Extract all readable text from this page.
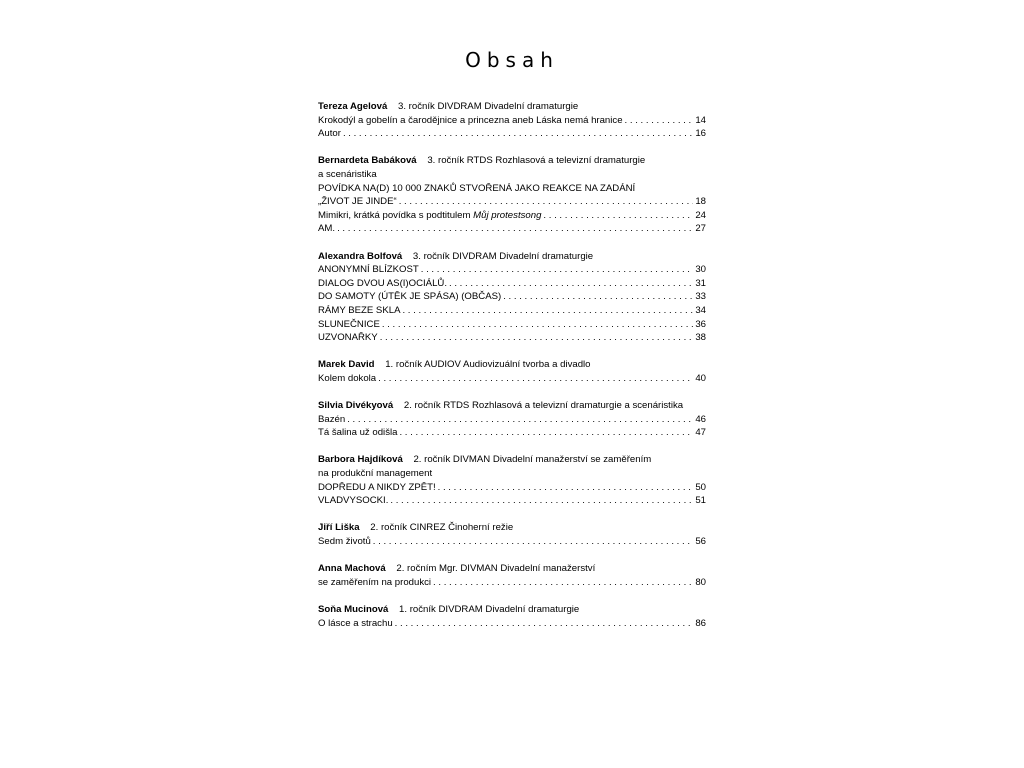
Obsah
Tereza Agelová 3. ročník DIVDRAM Divadelní dramaturgie
Krokodýl a gobelín a čarodějnice a princezna aneb Láska nemá hranice . . .	14
Autor . . .	16
Bernardeta Babáková 3. ročník RTDS Rozhlasová a televizní dramaturgie
a scenáristika
POVÍDKA NA(D) 10 000 ZNAKŮ STVOŘENÁ JAKO REAKCE NA ZADÁNÍ
„ŽIVOT JE JINDE“ . . .	18
Mimikri, krátká povídka s podtitulem Můj protestsong . . .	24
AM. . . .	27
Alexandra Bolfová 3. ročník DIVDRAM Divadelní dramaturgie
ANONYMNÍ BLÍZKOST . . .	30
DIALOG DVOU AS(I)OCIÁLŮ. . . .	31
DO SAMOTY (ÚTĚK JE SPÁSA) (OBČAS) . . .	33
RÁMY BEZE SKLA . . .	34
SLUNEČNICE . . .	36
UZVONAŘKY . . .	38
Marek David 1. ročník AUDIOV Audiovizuální tvorba a divadlo
Kolem dokola . . .	40
Silvia Divékyová 2. ročník RTDS Rozhlasová a televizní dramaturgie a scenáristika
Bazén . . .	46
Tá šalina už odišla . . .	47
Barbora Hajdíková 2. ročník DIVMAN Divadelní manažerství se zaměřením
na produkční management
DOPŘEDU A NIKDY ZPĚT! . . .	50
VLADVYSOCKI. . . .	51
Jiří Liška 2. ročník CINREZ Činoherní režie
Sedm životů . . .	56
Anna Machová 2. ročním Mgr. DIVMAN Divadelní manažerství
se zaměřením na produkci . . .	80
Soňa Mucinová 1. ročník DIVDRAM Divadelní dramaturgie
O lásce a strachu . . .	86
